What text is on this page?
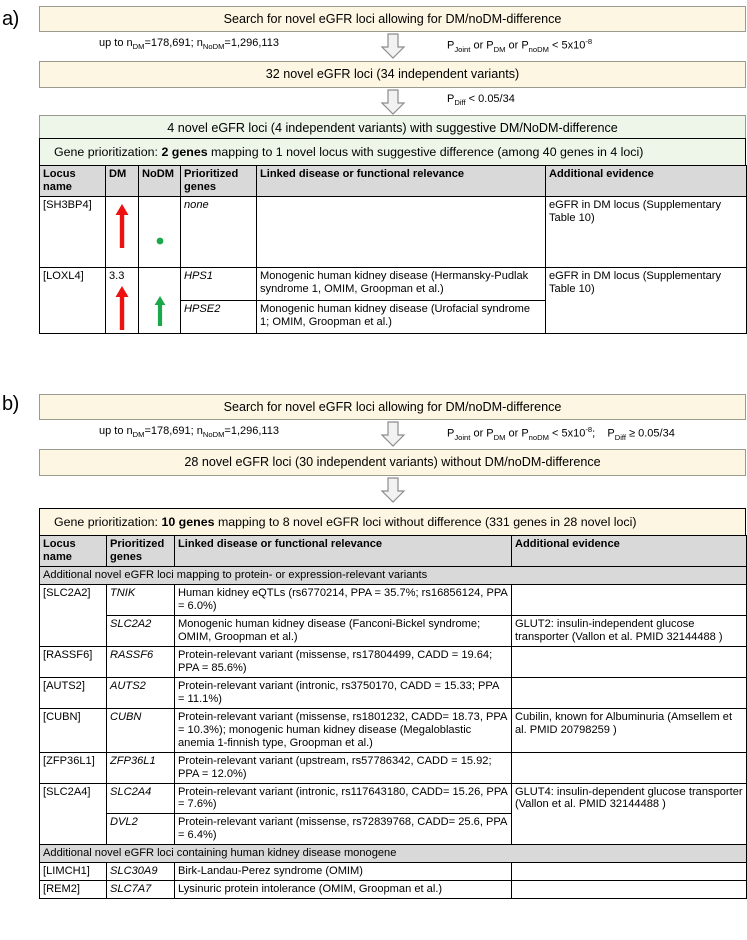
a)	Search for novel eGFR loci allowing for DM/noDM-difference
up to $n_{DM}=178,691$; $n_{NoDM}=1,296,113$	$P_{Joint}$ or $P_{DM}$ or $P_{noDM} < 5x10^{-8}$
32 novel eGFR loci (34 independent variants)
$P_{Diff} < 0.05/34$
4 novel eGFR loci (4 independent variants) with suggestive DM/NoDM-difference
Gene prioritization: 2 genes mapping to 1 novel locus with suggestive difference (among 40 genes in 4 loci)
Locus name	DM	NoDM	Prioritized genes	Linked disease or functional relevance	Additional evidence
[SH3BP4]			none		eGFR in DM locus (Supplementary Table 10)
[LOXL4]	3.3		HPS1	Monogenic human kidney disease (Hermansky-Pudlak syndrome 1, OMIM, Groopman et al.)	eGFR in DM locus (Supplementary Table 10)
			HPSE2	Monogenic human kidney disease (Urofacial syndrome 1; OMIM, Groopman et al.)	
b)	Search for novel eGFR loci allowing for DM/noDM-difference
up to $n_{DM}=178,691$; $n_{NoDM}=1,296,113$	$P_{Joint}$ or $P_{DM}$ or $P_{noDM} < 5x10^{-8}$;    $P_{Diff} \ge 0.05/34$
28 novel eGFR loci (30 independent variants) without DM/noDM-difference
Gene prioritization: 10 genes mapping to 8 novel eGFR loci without difference (331 genes in 28 novel loci)
Locus name	Prioritized genes	Linked disease or functional relevance	Additional evidence
Additional novel eGFR loci mapping to protein- or expression-relevant variants			
[SLC2A2]	TNIK	Human kidney eQTLs (rs6770214, PPA = 35.7%; rs16856124, PPA = 6.0%)	
	SLC2A2	Monogenic human kidney disease (Fanconi-Bickel syndrome; OMIM, Groopman et al.)	GLUT2: insulin-independent glucose transporter (Vallon et al. PMID 32144488 )
[RASSF6]	RASSF6	Protein-relevant variant (missense, rs17804499, CADD = 19.64; PPA = 85.6%)	
[AUTS2]	AUTS2	Protein-relevant variant (intronic, rs3750170, CADD = 15.33; PPA = 11.1%)	
[CUBN]	CUBN	Protein-relevant variant (missense, rs1801232, CADD= 18.73, PPA = 10.3%); monogenic human kidney disease (Megaloblastic anemia 1-finnish type, Groopman et al.)	Cubilin, known for Albuminuria (Amsellem et al. PMID 20798259 )
[ZFP36L1]	ZFP36L1	Protein-relevant variant (upstream, rs57786342, CADD = 15.92; PPA = 12.0%)	
[SLC2A4]	SLC2A4	Protein-relevant variant (intronic, rs117643180, CADD= 15.26, PPA = 7.6%)	GLUT4: insulin-dependent glucose transporter (Vallon et al. PMID 32144488 )
	DVL2	Protein-relevant variant (missense, rs72839768, CADD= 25.6, PPA = 6.4%)	
Additional novel eGFR loci containing human kidney disease monogene			
[LIMCH1]	SLC30A9	Birk-Landau-Perez syndrome (OMIM)	
[REM2]	SLC7A7	Lysinuric protein intolerance (OMIM, Groopman et al.)	
